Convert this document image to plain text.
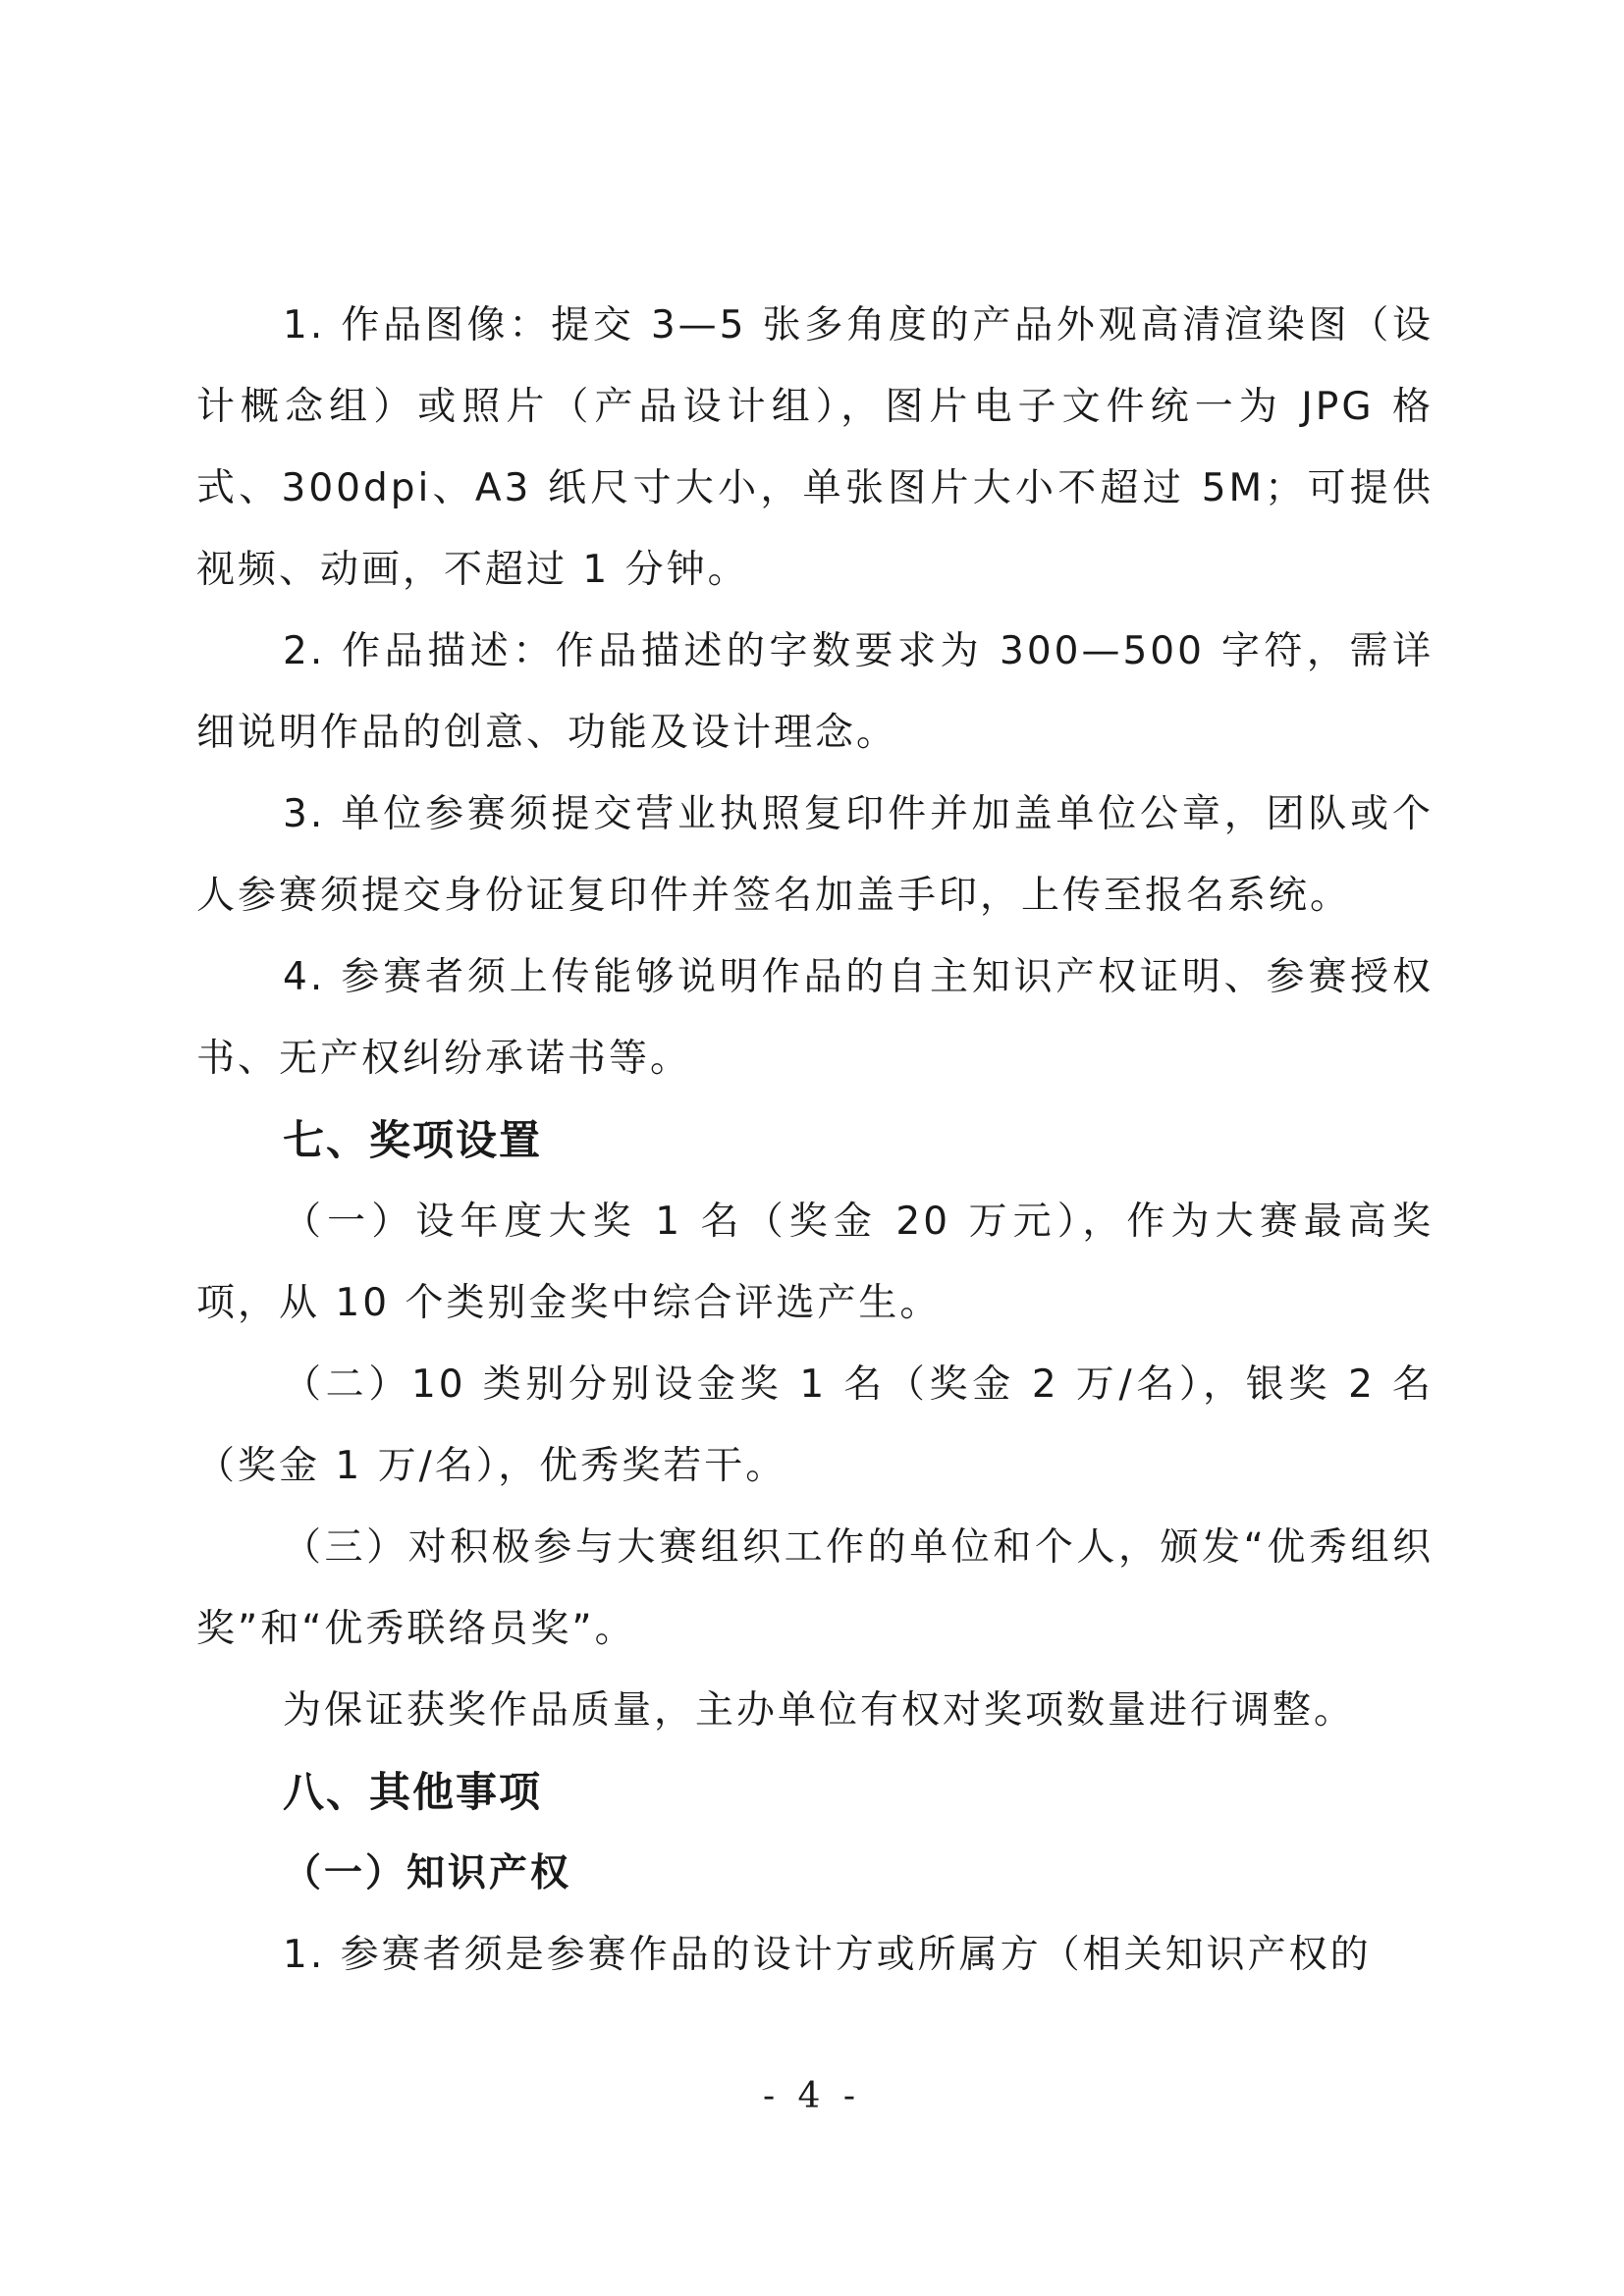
1. 作品图像：提交 3—5 张多角度的产品外观高清渲染图（设计概念组）或照片（产品设计组），图片电子文件统一为 JPG 格式、300dpi、A3 纸尺寸大小，单张图片大小不超过 5M；可提供视频、动画，不超过 1 分钟。

2. 作品描述：作品描述的字数要求为 300—500 字符，需详细说明作品的创意、功能及设计理念。

3. 单位参赛须提交营业执照复印件并加盖单位公章，团队或个人参赛须提交身份证复印件并签名加盖手印，上传至报名系统。

4. 参赛者须上传能够说明作品的自主知识产权证明、参赛授权书、无产权纠纷承诺书等。

七、奖项设置

（一）设年度大奖 1 名（奖金 20 万元），作为大赛最高奖项，从 10 个类别金奖中综合评选产生。

（二）10 类别分别设金奖 1 名（奖金 2 万/名），银奖 2 名（奖金 1 万/名），优秀奖若干。

（三）对积极参与大赛组织工作的单位和个人，颁发“优秀组织奖”和“优秀联络员奖”。

为保证获奖作品质量，主办单位有权对奖项数量进行调整。

八、其他事项
（一）知识产权

1. 参赛者须是参赛作品的设计方或所属方（相关知识产权的

- 4 -
